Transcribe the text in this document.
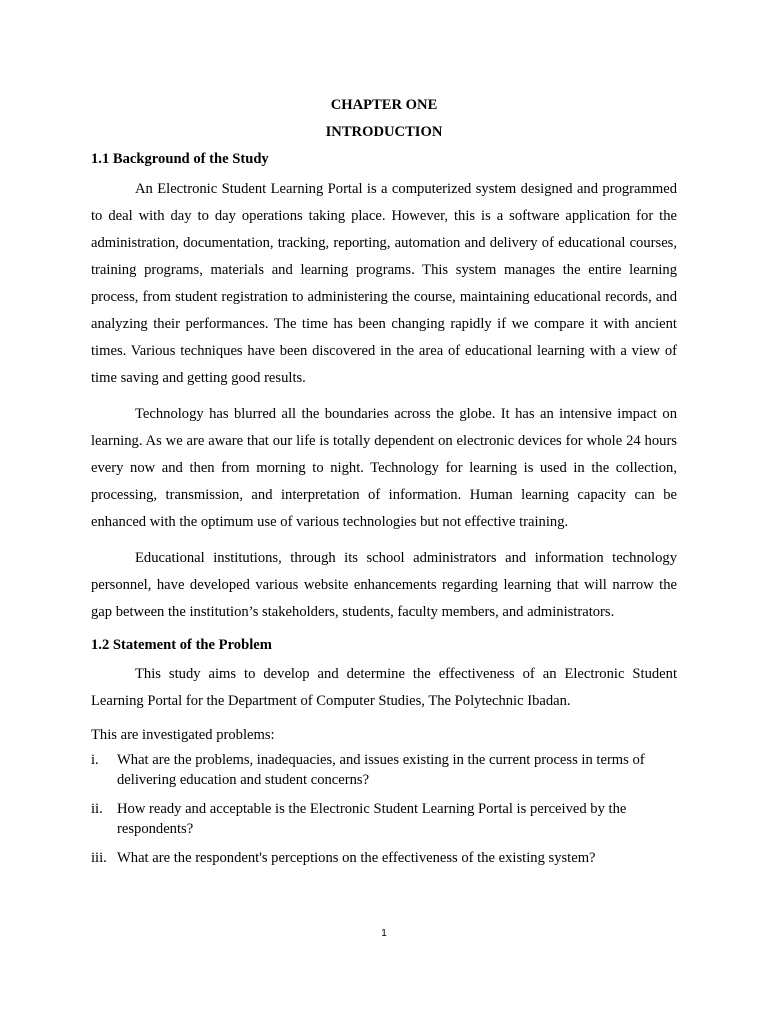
CHAPTER ONE

INTRODUCTION

1.1 Background of the Study

An Electronic Student Learning Portal is a computerized system designed and programmed to deal with day to day operations taking place. However, this is a software application for the administration, documentation, tracking, reporting, automation and delivery of educational courses, training programs, materials and learning programs. This system manages the entire learning process, from student registration to administering the course, maintaining educational records, and analyzing their performances. The time has been changing rapidly if we compare it with ancient times. Various techniques have been discovered in the area of educational learning with a view of time saving and getting good results.

Technology has blurred all the boundaries across the globe. It has an intensive impact on learning. As we are aware that our life is totally dependent on electronic devices for whole 24 hours every now and then from morning to night. Technology for learning is used in the collection, processing, transmission, and interpretation of information. Human learning capacity can be enhanced with the optimum use of various technologies but not effective training.

Educational institutions, through its school administrators and information technology personnel, have developed various website enhancements regarding learning that will narrow the gap between the institution’s stakeholders, students, faculty members, and administrators.

1.2 Statement of the Problem

This study aims to develop and determine the effectiveness of an Electronic Student Learning Portal for the Department of Computer Studies, The Polytechnic Ibadan.

This are investigated problems:

i.	What are the problems, inadequacies, and issues existing in the current process in terms of delivering education and student concerns?
ii. How ready and acceptable is the Electronic Student Learning Portal is perceived by the respondents?
iii. What are the respondent's perceptions on the effectiveness of the existing system?
1
